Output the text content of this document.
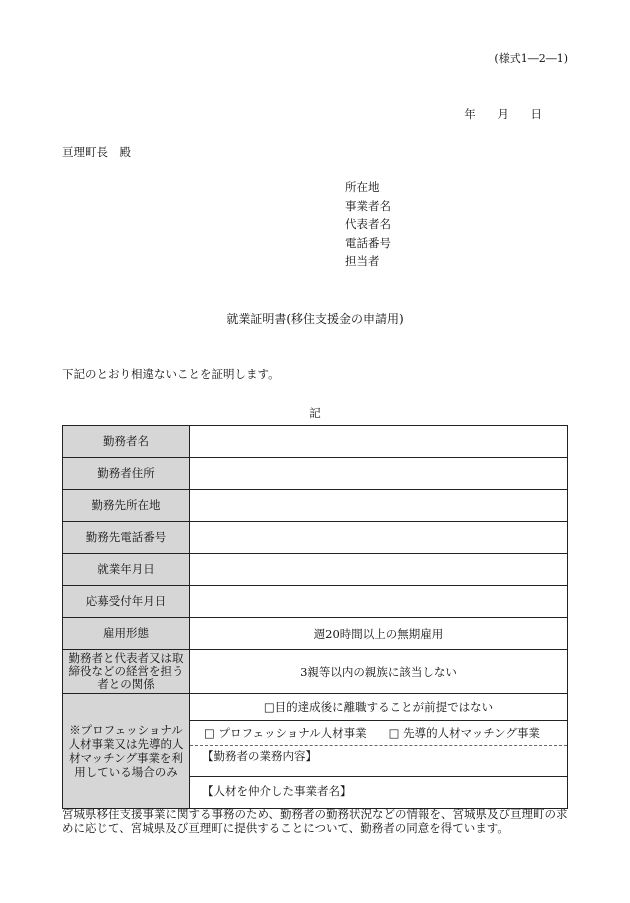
(様式1―2―1)
年 月 日
亘理町長　殿
所在地
事業者名
代表者名
電話番号
担当者
就業証明書(移住支援金の申請用)
下記のとおり相違ないことを証明します。
記
勤務者名	
勤務者住所	
勤務先所在地	
勤務先電話番号	
就業年月日	
応募受付年月日	
雇用形態	週20時間以上の無期雇用
勤務者と代表者又は取締役などの経営を担う者との関係	3親等以内の親族に該当しない
※プロフェッショナル人材事業又は先導的人材マッチング事業を利用している場合のみ	□目的達成後に離職することが前提ではない
□ プロフェッショナル人材事業 □ 先導的人材マッチング事業
【勤務者の業務内容】
【人材を仲介した事業者名】
宮城県移住支援事業に関する事務のため、勤務者の勤務状況などの情報を、宮城県及び亘理町の求めに応じて、宮城県及び亘理町に提供することについて、勤務者の同意を得ています。
